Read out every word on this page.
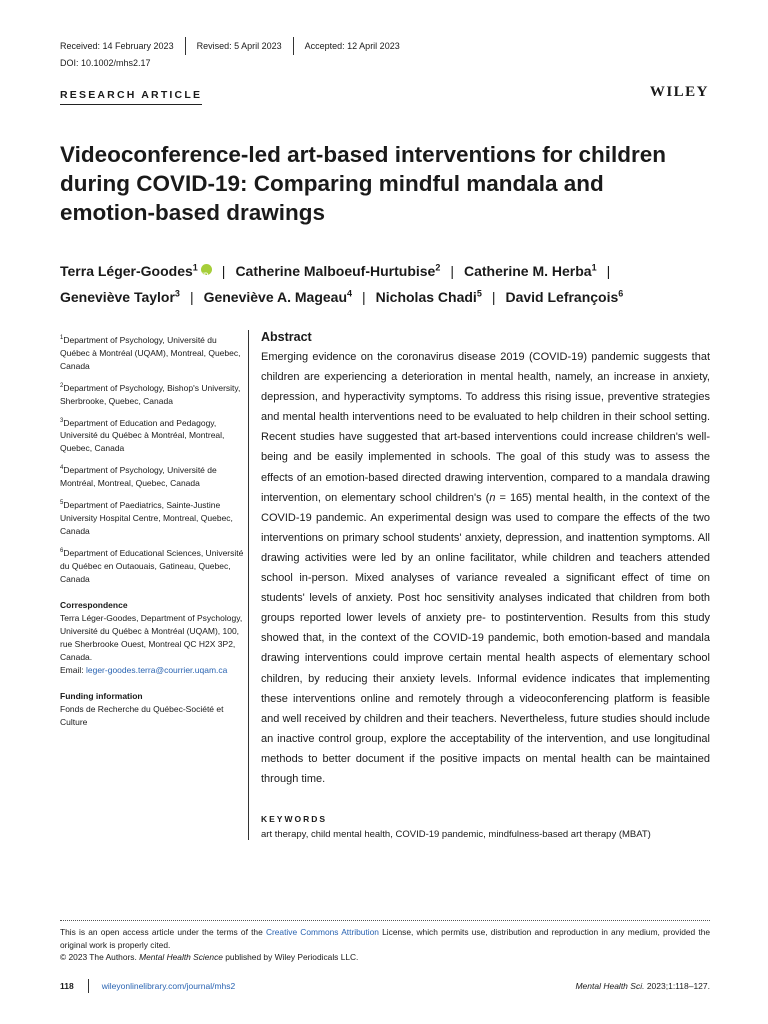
Received: 14 February 2023	Revised: 5 April 2023	Accepted: 12 April 2023
DOI: 10.1002/mhs2.17
RESEARCH ARTICLE	WILEY
Videoconference-led art-based interventions for children during COVID-19: Comparing mindful mandala and emotion-based drawings
Terra Léger-Goodes$^1$iD | Catherine Malboeuf-Hurtubise$^2$ | Catherine M. Herba$^1$ |
Geneviève Taylor$^3$ | Geneviève A. Mageau$^4$ | Nicholas Chadi$^5$ | David Lefrançois$^6$
$^1$Department of Psychology, Université du Québec à Montréal (UQAM), Montreal, Quebec, Canada
$^2$Department of Psychology, Bishop's University, Sherbrooke, Quebec, Canada
$^3$Department of Education and Pedagogy, Université du Québec à Montréal, Montreal, Quebec, Canada
$^4$Department of Psychology, Université de Montréal, Montreal, Quebec, Canada
$^5$Department of Paediatrics, Sainte-Justine University Hospital Centre, Montreal, Quebec, Canada
$^6$Department of Educational Sciences, Université du Québec en Outaouais, Gatineau, Quebec, Canada
Correspondence
Terra Léger-Goodes, Department of Psychology, Université du Québec à Montréal (UQAM), 100, rue Sherbrooke Ouest, Montreal QC H2X 3P2, Canada.
Email: leger-goodes.terra@courrier.uqam.ca
Funding information
Fonds de Recherche du Québec-Société et Culture
Abstract

Emerging evidence on the coronavirus disease 2019 (COVID-19) pandemic suggests that children are experiencing a deterioration in mental health, namely, an increase in anxiety, depression, and hyperactivity symptoms. To address this rising issue, preventive strategies and mental health interventions need to be evaluated to help children in their school setting. Recent studies have suggested that art-based interventions could increase children's well-being and be easily implemented in schools. The goal of this study was to assess the effects of an emotion-based directed drawing intervention, compared to a mandala drawing intervention, on elementary school children's (n = 165) mental health, in the context of the COVID-19 pandemic. An experimental design was used to compare the effects of the two interventions on primary school students' anxiety, depression, and inattention symptoms. All drawing activities were led by an online facilitator, while children and teachers attended school in-person. Mixed analyses of variance revealed a significant effect of time on students' levels of anxiety. Post hoc sensitivity analyses indicated that children from both groups reported lower levels of anxiety pre- to postintervention. Results from this study showed that, in the context of the COVID-19 pandemic, both emotion-based and mandala drawing interventions could improve certain mental health aspects of elementary school children, by reducing their anxiety levels. Informal evidence indicates that implementing these interventions online and remotely through a videoconferencing platform is feasible and well received by children and their teachers. Nevertheless, future studies should include an inactive control group, explore the acceptability of the intervention, and use longitudinal methods to better document if the positive impacts on mental health can be maintained through time.

KEYWORDS
art therapy, child mental health, COVID-19 pandemic, mindfulness-based art therapy (MBAT)
This is an open access article under the terms of the Creative Commons Attribution License, which permits use, distribution and reproduction in any medium, provided the original work is properly cited.
© 2023 The Authors. Mental Health Science published by Wiley Periodicals LLC.
118	wileyonlinelibrary.com/journal/mhs2	Mental Health Sci. 2023;1:118–127.
